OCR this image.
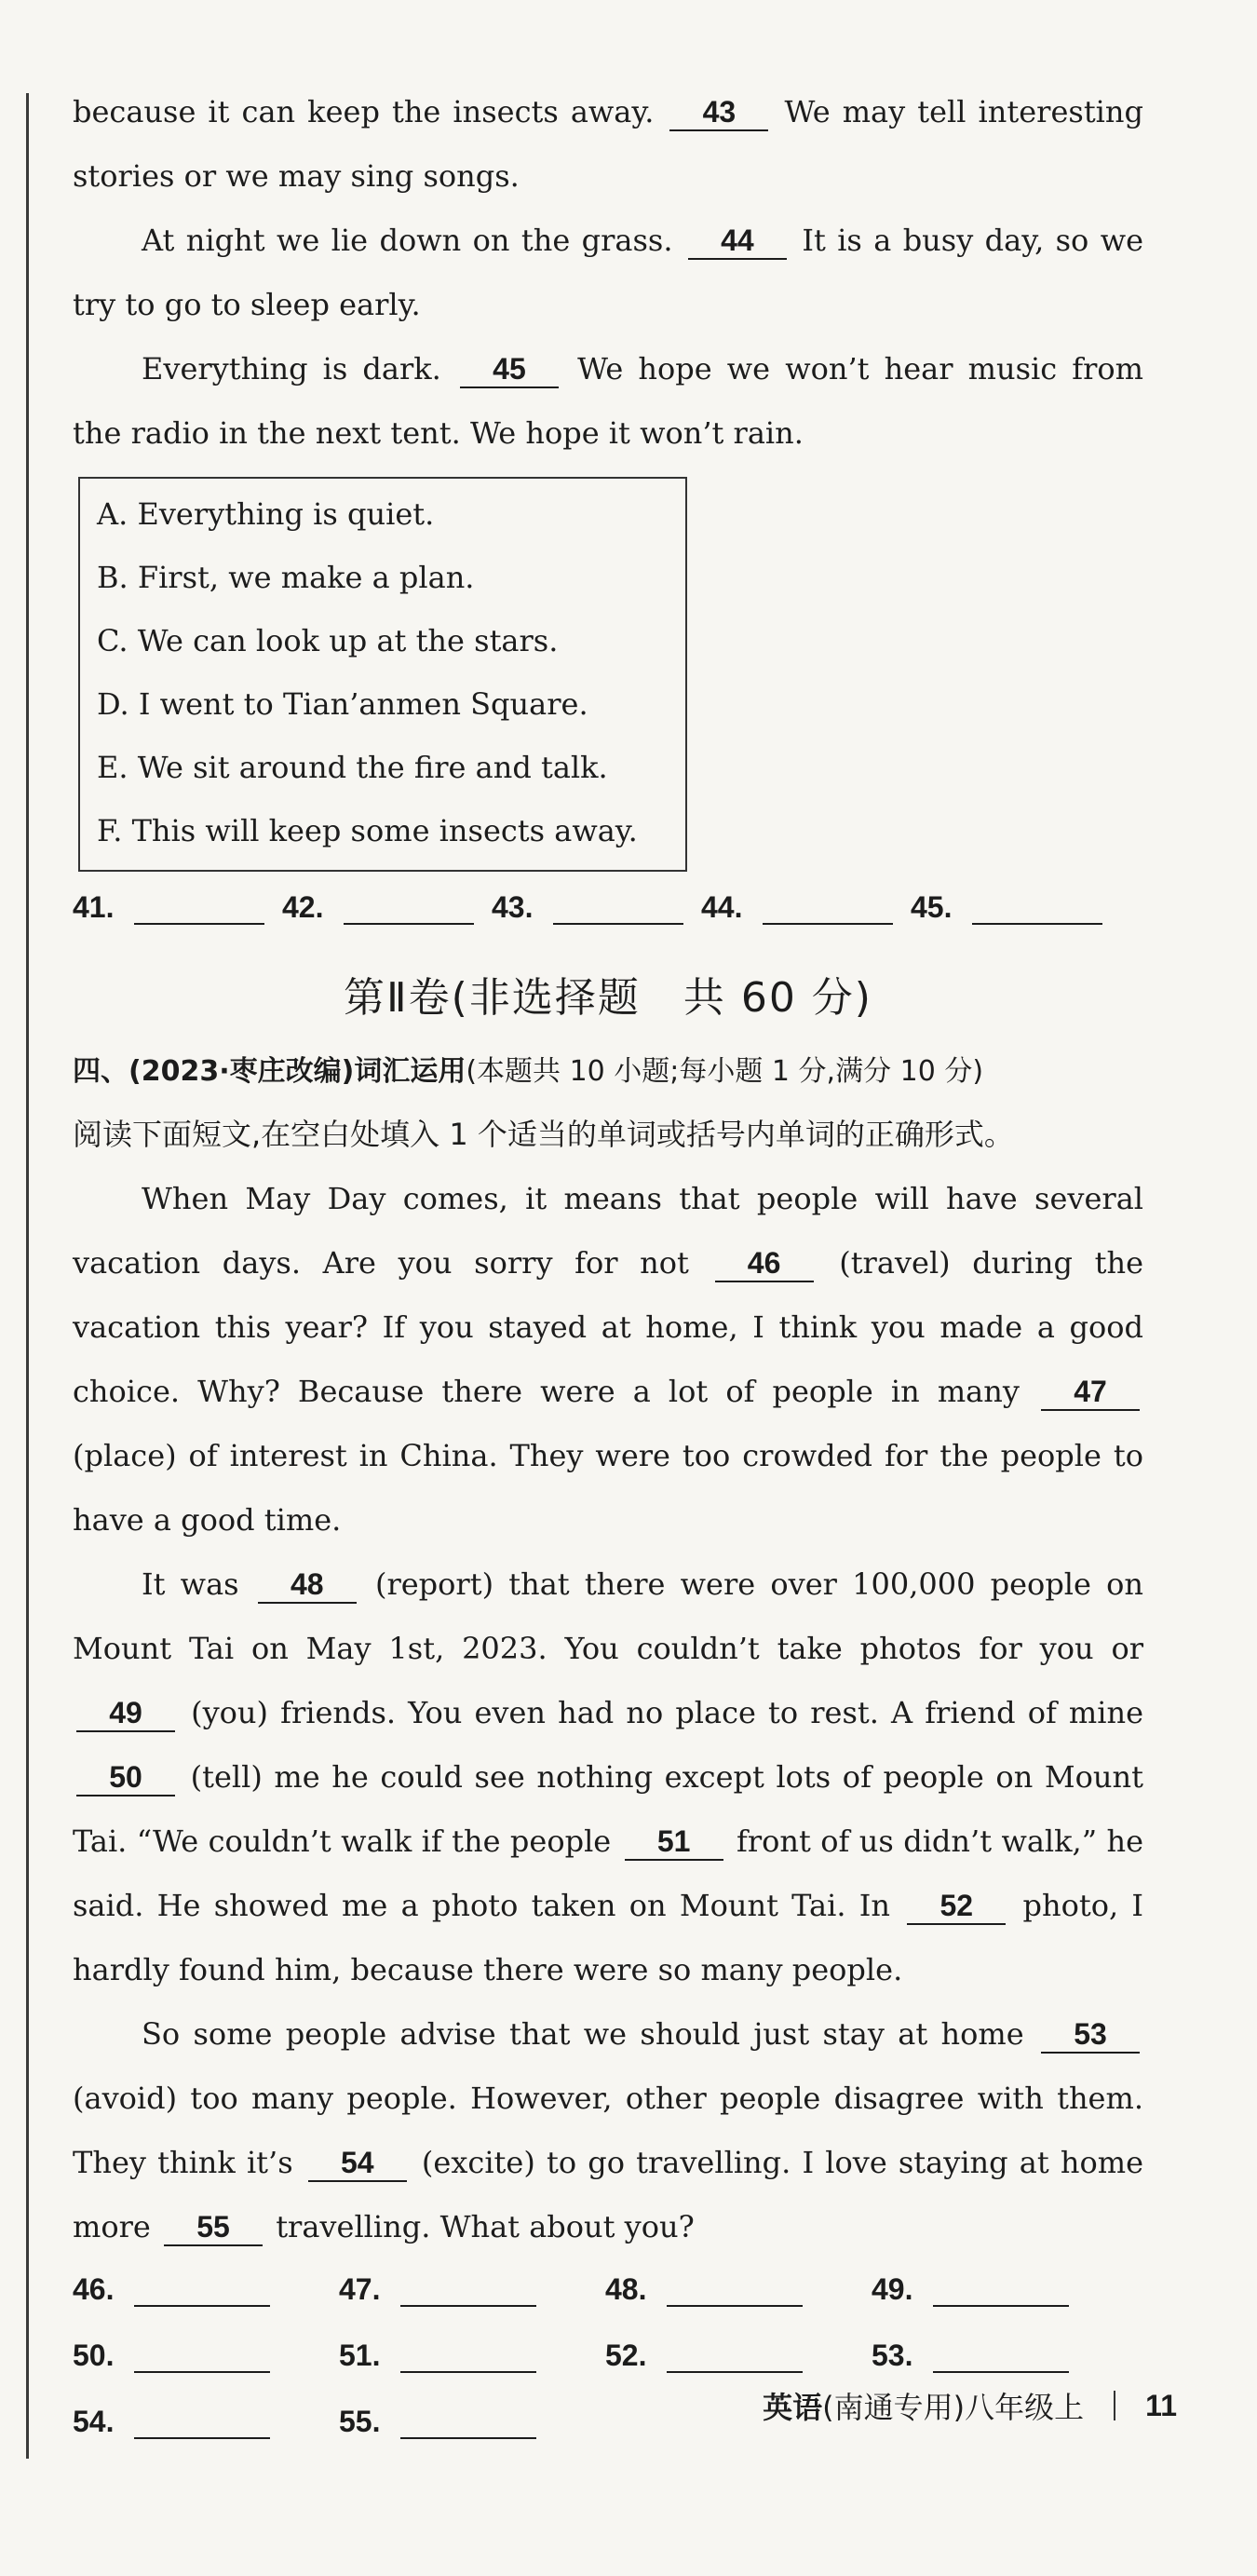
because it can keep the insects away. 43 We may tell interesting stories or we may sing songs.

At night we lie down on the grass. 44 It is a busy day, so we try to go to sleep early.

Everything is dark. 45 We hope we won’t hear music from the radio in the next tent. We hope it won’t rain.

A. Everything is quiet.

B. First, we make a plan.

C. We can look up at the stars.

D. I went to Tian’anmen Square.

E. We sit around the fire and talk.

F. This will keep some insects away.

41.	42.	43.	44.	45.
第Ⅱ卷(非选择题　共 60 分)

四、(2023·枣庄改编)词汇运用(本题共 10 小题;每小题 1 分,满分 10 分)

阅读下面短文,在空白处填入 1 个适当的单词或括号内单词的正确形式。

When May Day comes, it means that people will have several vacation days. Are you sorry for not 46 (travel) during the vacation this year? If you stayed at home, I think you made a good choice. Why? Because there were a lot of people in many 47 (place) of interest in China. They were too crowded for the people to have a good time.

It was 48 (report) that there were over 100,000 people on Mount Tai on May 1st, 2023. You couldn’t take photos for you or 49 (you) friends. You even had no place to rest. A friend of mine 50 (tell) me he could see nothing except lots of people on Mount Tai. “We couldn’t walk if the people 51 front of us didn’t walk,” he said. He showed me a photo taken on Mount Tai. In 52 photo, I hardly found him, because there were so many people.

So some people advise that we should just stay at home 53 (avoid) too many people. However, other people disagree with them. They think it’s 54 (excite) to go travelling. I love staying at home more 55 travelling. What about you?

46.	47.	48.	49.
50.	51.	52.	53.
54.	55.	英语 (南通专用) 八年级上 11
